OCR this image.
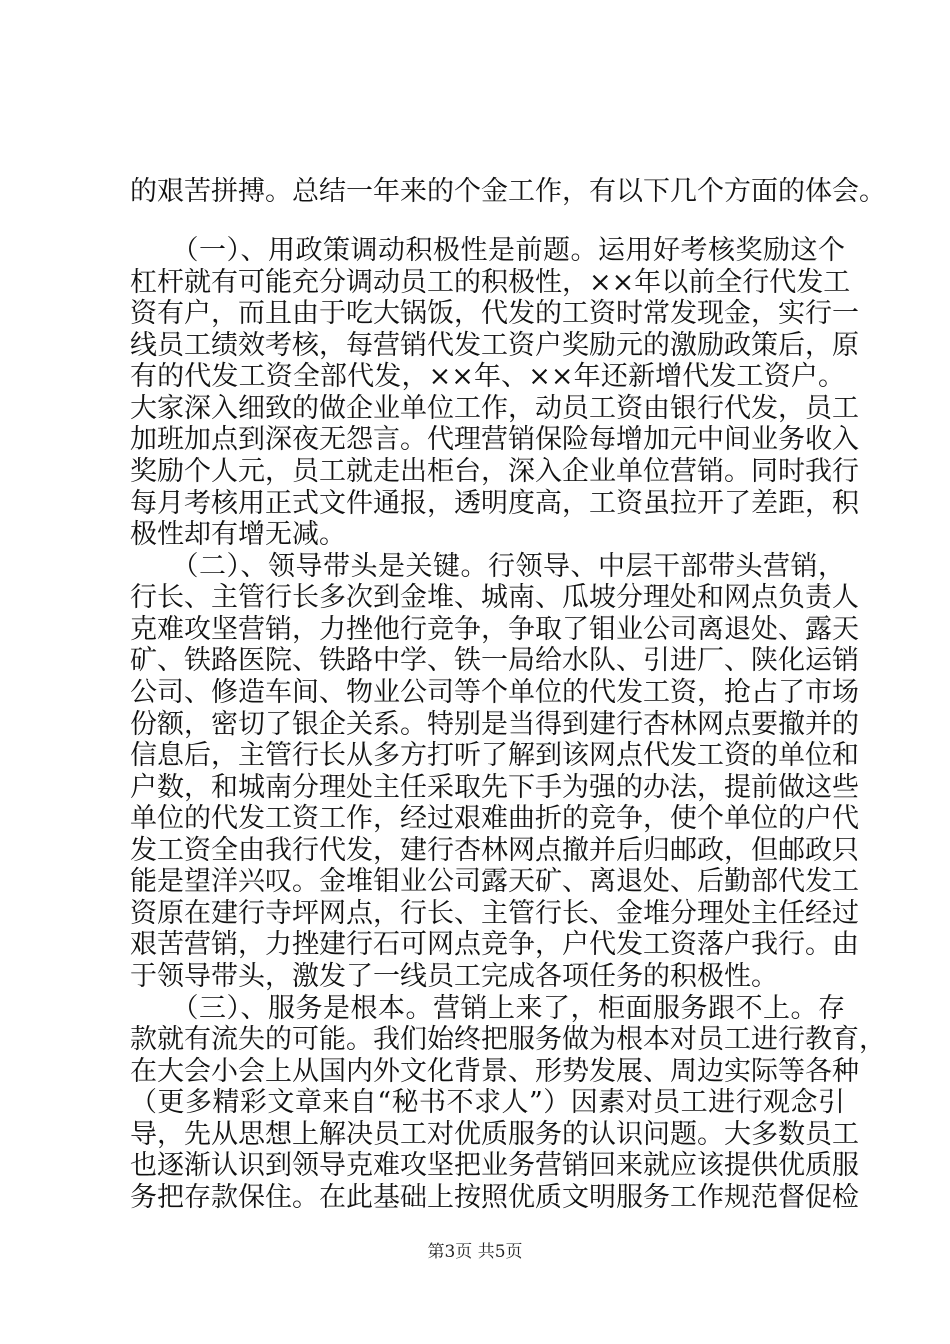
的艰苦拼搏。总结一年来的个金工作，有以下几个方面的体会。
　　（一）、用政策调动积极性是前题。运用好考核奖励这个
杠杆就有可能充分调动员工的积极性，××年以前全行代发工
资有户，而且由于吃大锅饭，代发的工资时常发现金，实行一
线员工绩效考核，每营销代发工资户奖励元的激励政策后，原
有的代发工资全部代发，××年、××年还新增代发工资户。
大家深入细致的做企业单位工作，动员工资由银行代发，员工
加班加点到深夜无怨言。代理营销保险每增加元中间业务收入
奖励个人元，员工就走出柜台，深入企业单位营销。同时我行
每月考核用正式文件通报，透明度高，工资虽拉开了差距，积
极性却有增无减。
　　（二）、领导带头是关键。行领导、中层干部带头营销，
行长、主管行长多次到金堆、城南、瓜坡分理处和网点负责人
克难攻坚营销，力挫他行竞争，争取了钼业公司离退处、露天
矿、铁路医院、铁路中学、铁一局给水队、引进厂、陕化运销
公司、修造车间、物业公司等个单位的代发工资，抢占了市场
份额，密切了银企关系。特别是当得到建行杏林网点要撤并的
信息后，主管行长从多方打听了解到该网点代发工资的单位和
户数，和城南分理处主任采取先下手为强的办法，提前做这些
单位的代发工资工作，经过艰难曲折的竞争，使个单位的户代
发工资全由我行代发，建行杏林网点撤并后归邮政，但邮政只
能是望洋兴叹。金堆钼业公司露天矿、离退处、后勤部代发工
资原在建行寺坪网点，行长、主管行长、金堆分理处主任经过
艰苦营销，力挫建行石可网点竞争，户代发工资落户我行。由
于领导带头，激发了一线员工完成各项任务的积极性。
　　（三）、服务是根本。营销上来了，柜面服务跟不上。存
款就有流失的可能。我们始终把服务做为根本对员工进行教育，
在大会小会上从国内外文化背景、形势发展、周边实际等各种
（更多精彩文章来自“秘书不求人”）因素对员工进行观念引
导，先从思想上解决员工对优质服务的认识问题。大多数员工
也逐渐认识到领导克难攻坚把业务营销回来就应该提供优质服
务把存款保住。在此基础上按照优质文明服务工作规范督促检
第3页 共5页
